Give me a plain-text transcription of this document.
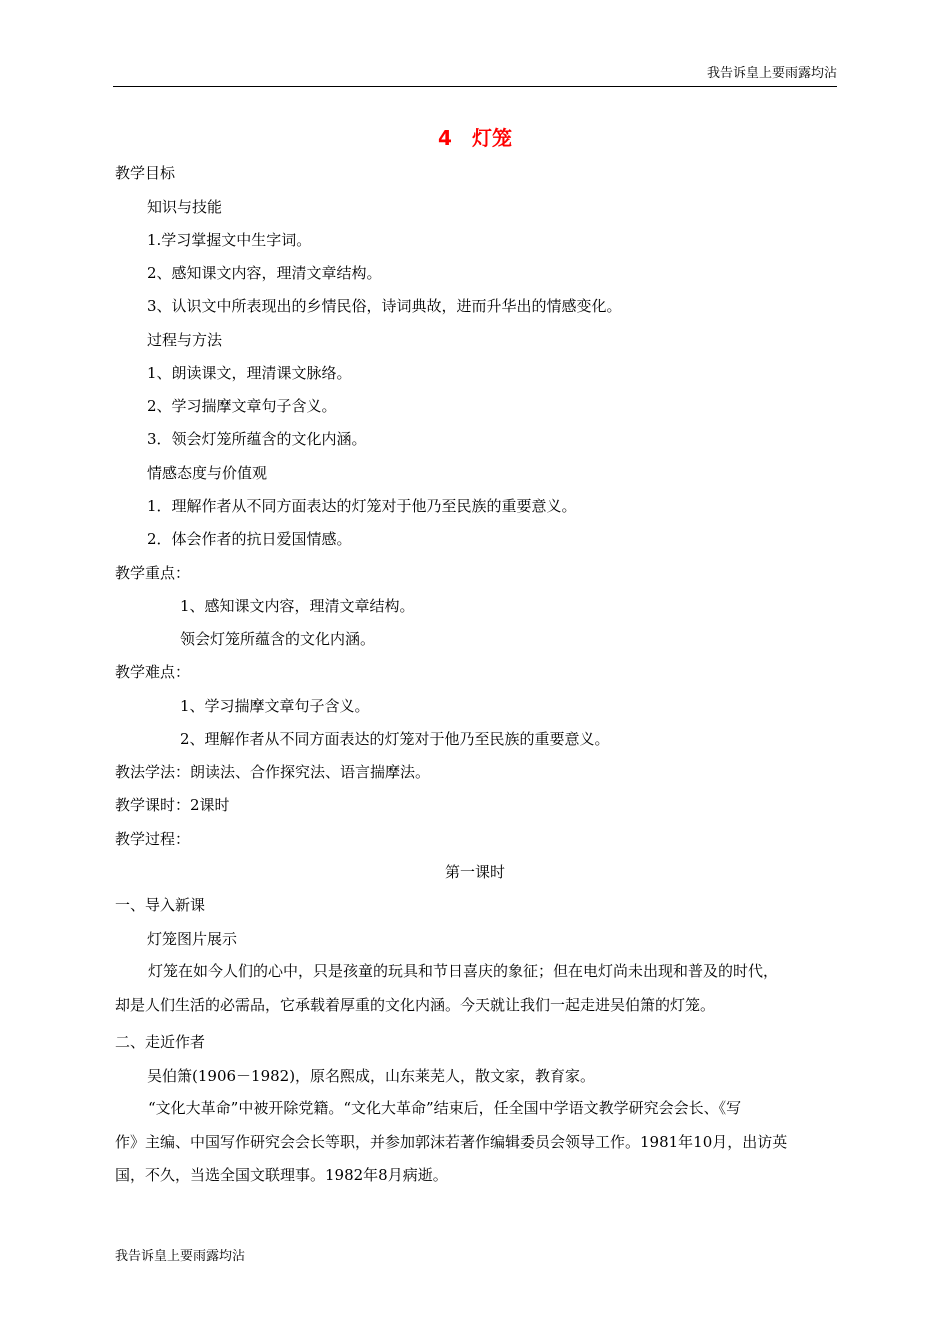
我告诉皇上要雨露均沾
4 灯笼
教学目标
知识与技能
1.学习掌握文中生字词。
2、感知课文内容，理清文章结构。
3、认识文中所表现出的乡情民俗，诗词典故，进而升华出的情感变化。
过程与方法
1、朗读课文，理清课文脉络。
2、学习揣摩文章句子含义。
3．领会灯笼所蕴含的文化内涵。
情感态度与价值观
1．理解作者从不同方面表达的灯笼对于他乃至民族的重要意义。
2．体会作者的抗日爱国情感。
教学重点：
1、感知课文内容，理清文章结构。
领会灯笼所蕴含的文化内涵。
教学难点：
1、学习揣摩文章句子含义。
2、理解作者从不同方面表达的灯笼对于他乃至民族的重要意义。
教法学法：朗读法、合作探究法、语言揣摩法。
教学课时：2课时
教学过程：
第一课时
一、导入新课
灯笼图片展示
灯笼在如今人们的心中，只是孩童的玩具和节日喜庆的象征；但在电灯尚未出现和普及的时代，
却是人们生活的必需品，它承载着厚重的文化内涵。今天就让我们一起走进吴伯箫的灯笼。
二、走近作者
吴伯箫(1906－1982)，原名熙成，山东莱芜人，散文家，教育家。
“文化大革命”中被开除党籍。“文化大革命”结束后，任全国中学语文教学研究会会长、《写
作》主编、中国写作研究会会长等职，并参加郭沫若著作编辑委员会领导工作。1981年10月，出访英
国，不久，当选全国文联理事。1982年8月病逝。
我告诉皇上要雨露均沾
